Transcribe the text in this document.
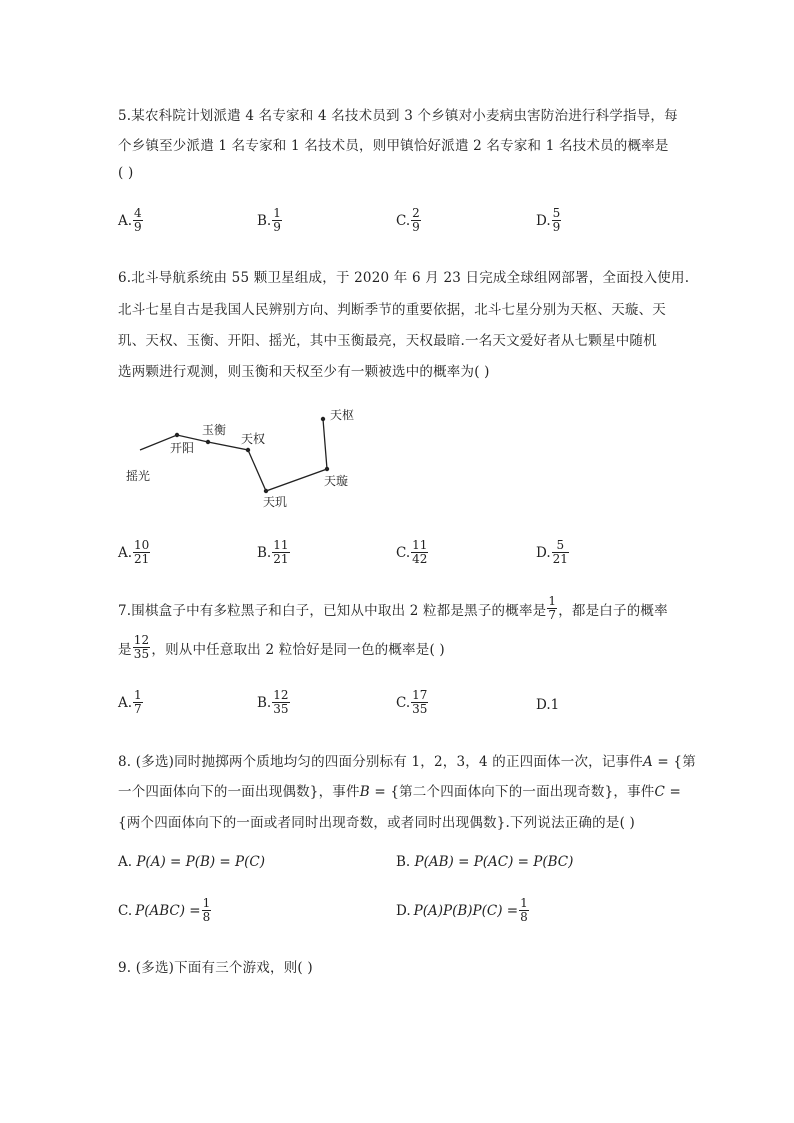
5.某农科院计划派遣 4 名专家和 4 名技术员到 3 个乡镇对小麦病虫害防治进行科学指导，每
个乡镇至少派遣 1 名专家和 1 名技术员，则甲镇恰好派遣 2 名专家和 1 名技术员的概率是
( )
A. $\frac{4}{9}$	B. $\frac{1}{9}$	C. $\frac{2}{9}$	D. $\frac{5}{9}$
6.北斗导航系统由 55 颗卫星组成，于 2020 年 6 月 23 日完成全球组网部署，全面投入使用.
北斗七星自古是我国人民辨别方向、判断季节的重要依据，北斗七星分别为天枢、天璇、天
玑、天权、玉衡、开阳、摇光，其中玉衡最亮，天权最暗.一名天文爱好者从七颗星中随机
选两颗进行观测，则玉衡和天权至少有一颗被选中的概率为( )
摇光
开阳
玉衡
天权
天玑
天璇
天枢
A. $\frac{10}{21}$	B. $\frac{11}{21}$	C. $\frac{11}{42}$	D. $\frac{5}{21}$
7.围棋盒子中有多粒黑子和白子，已知从中取出 2 粒都是黑子的概率是 $\frac{1}{7}$ ，都是白子的概率
是 $\frac{12}{35}$ ，则从中任意取出 2 粒恰好是同一色的概率是( )
A. $\frac{1}{7}$	B. $\frac{12}{35}$	C. $\frac{17}{35}$	D. 1
8. (多选)同时抛掷两个质地均匀的四面分别标有 1，2，3，4 的正四面体一次，记事件A = {第
一个四面体向下的一面出现偶数}，事件B = {第二个四面体向下的一面出现奇数}，事件C =
{两个四面体向下的一面或者同时出现奇数，或者同时出现偶数}.下列说法正确的是( )
A. P(A) = P(B) = P(C)	B. P(AB) = P(AC) = P(BC)
C. $P(ABC) = \frac{1}{8}$	D. $P(A)P(B)P(C) = \frac{1}{8}$
9. (多选)下面有三个游戏，则( )
